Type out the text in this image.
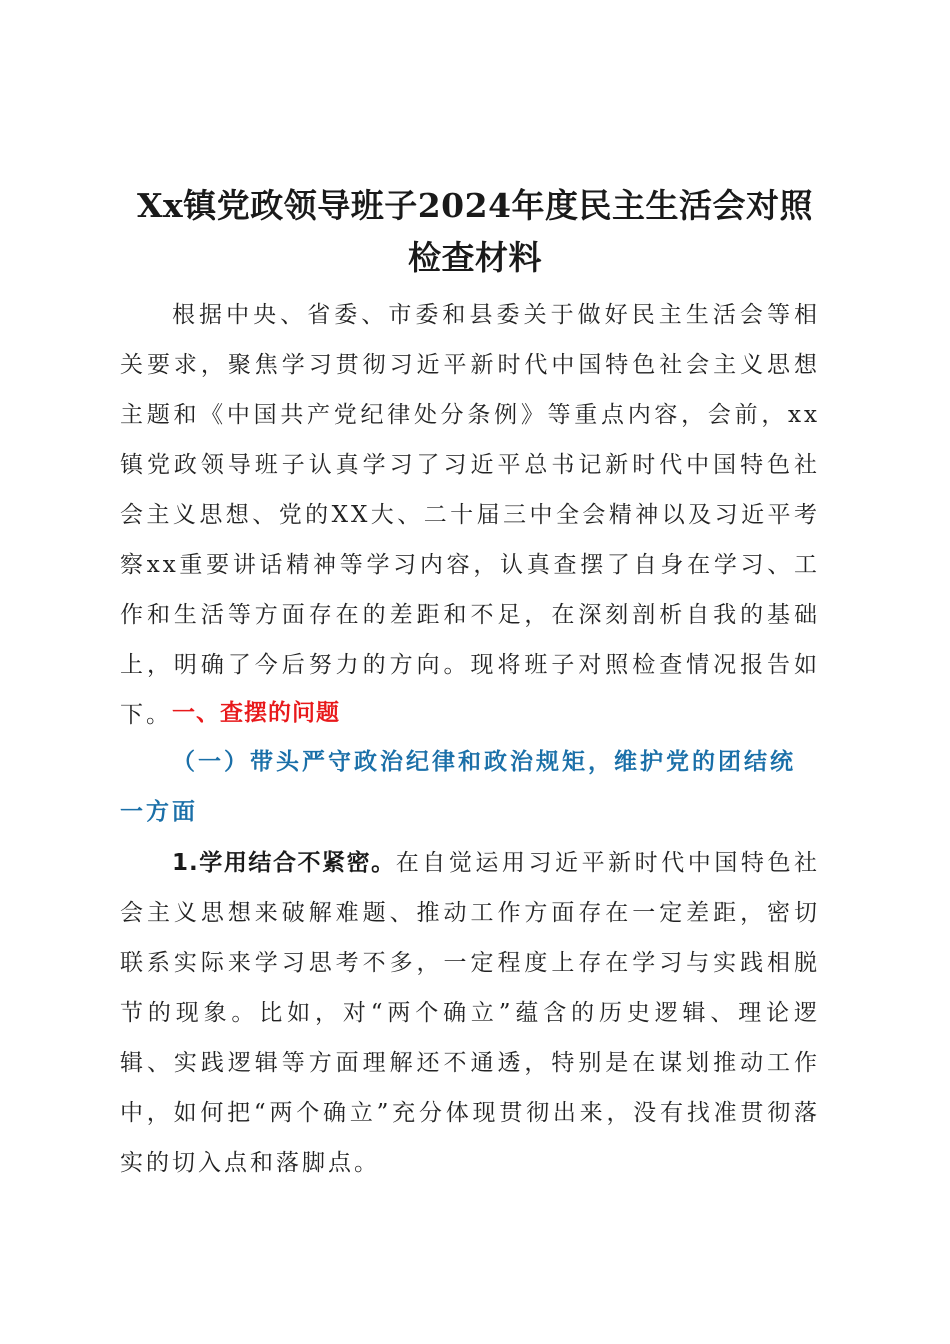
Xx镇党政领导班子2024年度民主生活会对照
检查材料

根据中央、省委、市委和县委关于做好民主生活会等相关要求，聚焦学习贯彻习近平新时代中国特色社会主义思想主题和《中国共产党纪律处分条例》等重点内容，会前，xx镇党政领导班子认真学习了习近平总书记新时代中国特色社会主义思想、党的XX大、二十届三中全会精神以及习近平考察xx重要讲话精神等学习内容，认真查摆了自身在学习、工作和生活等方面存在的差距和不足，在深刻剖析自我的基础上，明确了今后努力的方向。现将班子对照检查情况报告如下。 一、查摆的问题
（一）带头严守政治纪律和政治规矩，维护党的团结统一方面

1.学用结合不紧密。在自觉运用习近平新时代中国特色社会主义思想来破解难题、推动工作方面存在一定差距，密切联系实际来学习思考不多，一定程度上存在学习与实践相脱节的现象。比如，对“两个确立”蕴含的历史逻辑、理论逻辑、实践逻辑等方面理解还不通透，特别是在谋划推动工作中，如何把“两个确立”充分体现贯彻出来，没有找准贯彻落实的切入点和落脚点。
